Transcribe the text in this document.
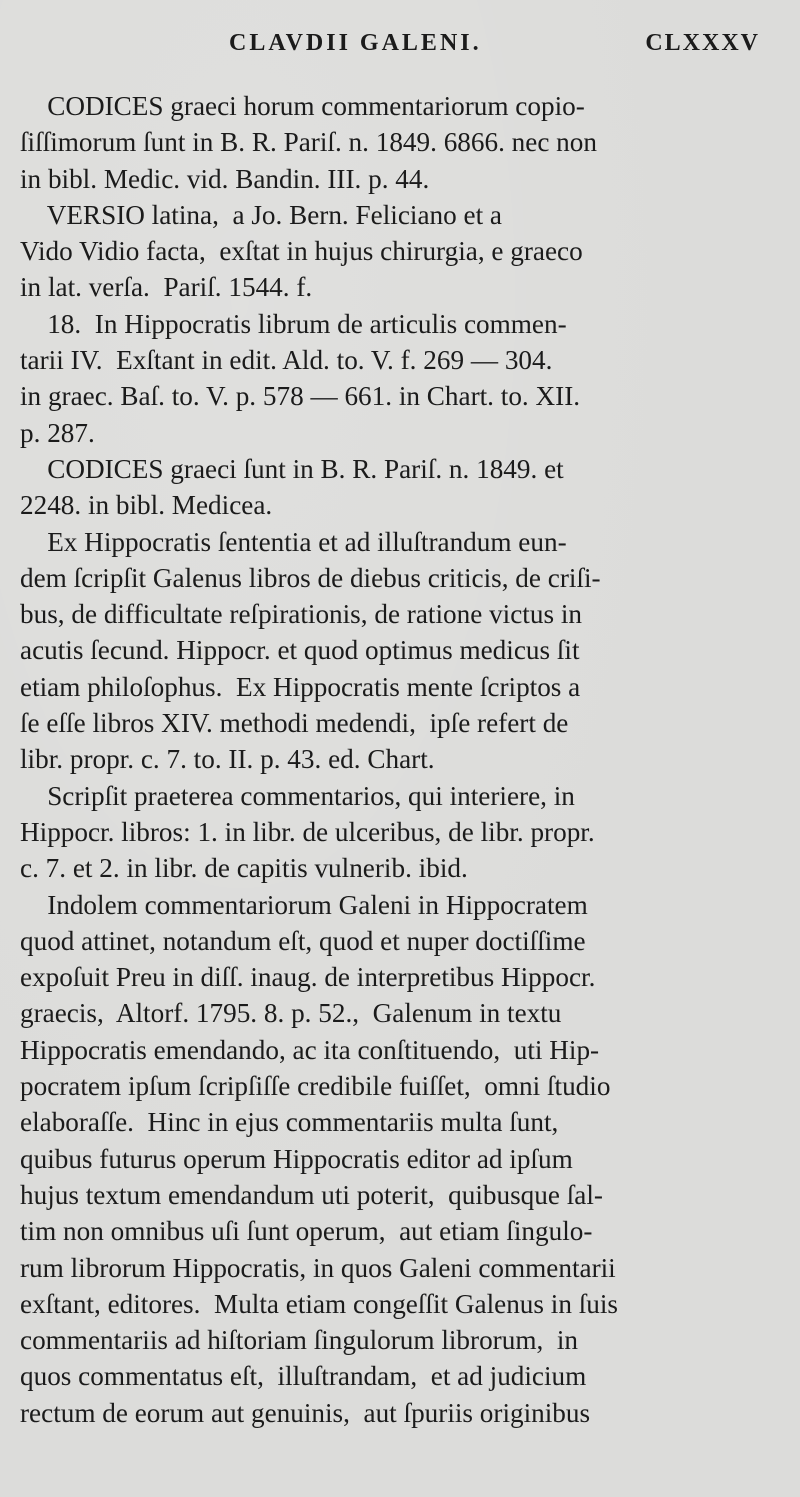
CLAVDII GALENI.	CLXXXV
CODICES graeci horum commentariorum copio-
ſiſſimorum ſunt in B. R. Pariſ. n. 1849. 6866. nec non
in bibl. Medic. vid. Bandin. III. p. 44.
VERSIO latina,  a Jo. Bern. Feliciano et a
Vido Vidio facta,  exſtat in hujus chirurgia, e graeco
in lat. verſa.  Pariſ. 1544. f.
18.  In Hippocratis librum de articulis commen-
tarii IV.  Exſtant in edit. Ald. to. V. f. 269 — 304.
in graec. Baſ. to. V. p. 578 — 661. in Chart. to. XII.
p. 287.
CODICES graeci ſunt in B. R. Pariſ. n. 1849. et
2248. in bibl. Medicea.
Ex Hippocratis ſententia et ad illuſtrandum eun-
dem ſcripſit Galenus libros de diebus criticis, de criſi-
bus, de difficultate reſpirationis, de ratione victus in
acutis ſecund. Hippocr. et quod optimus medicus ſit
etiam philoſophus.  Ex Hippocratis mente ſcriptos a
ſe eſſe libros XIV. methodi medendi,  ipſe refert de
libr. propr. c. 7. to. II. p. 43. ed. Chart.
Scripſit praeterea commentarios, qui interiere, in
Hippocr. libros: 1. in libr. de ulceribus, de libr. propr.
c. 7. et 2. in libr. de capitis vulnerib. ibid.
Indolem commentariorum Galeni in Hippocratem
quod attinet, notandum eſt, quod et nuper doctiſſime
expoſuit Preu in diſſ. inaug. de interpretibus Hippocr.
graecis,  Altorf. 1795. 8. p. 52.,  Galenum in textu
Hippocratis emendando, ac ita conſtituendo,  uti Hip-
pocratem ipſum ſcripſiſſe credibile fuiſſet,  omni ſtudio
elaboraſſe.  Hinc in ejus commentariis multa ſunt,
quibus futurus operum Hippocratis editor ad ipſum
hujus textum emendandum uti poterit,  quibusque ſal-
tim non omnibus uſi ſunt operum,  aut etiam ſingulo-
rum librorum Hippocratis, in quos Galeni commentarii
exſtant, editores.  Multa etiam congeſſit Galenus in ſuis
commentariis ad hiſtoriam ſingulorum librorum,  in
quos commentatus eſt,  illuſtrandam,  et ad judicium
rectum de eorum aut genuinis,  aut ſpuriis originibus
